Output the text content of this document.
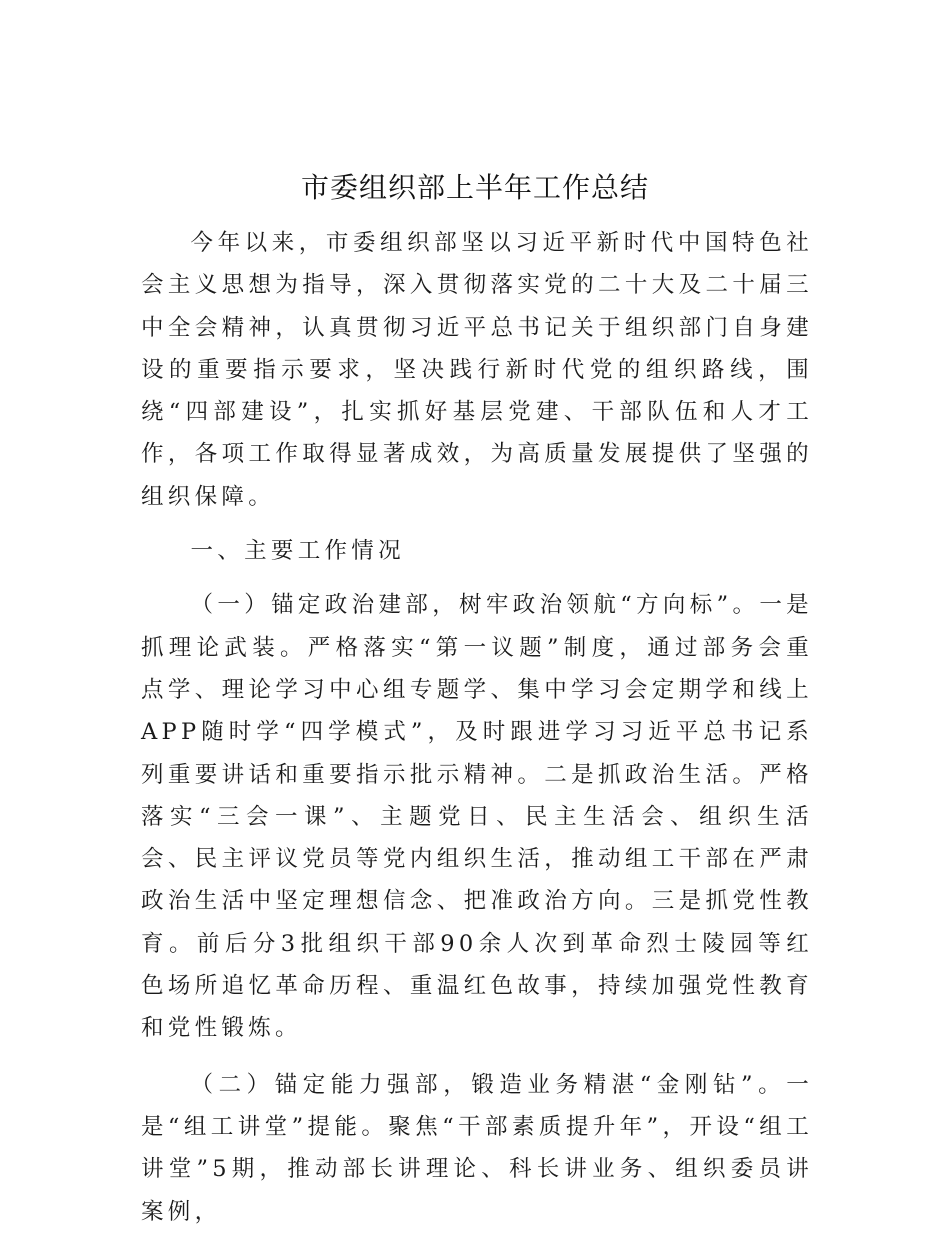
市委组织部上半年工作总结

今年以来，市委组织部坚以习近平新时代中国特色社会主义思想为指导，深入贯彻落实党的二十大及二十届三中全会精神，认真贯彻习近平总书记关于组织部门自身建设的重要指示要求，坚决践行新时代党的组织路线，围绕“四部建设”，扎实抓好基层党建、干部队伍和人才工作，各项工作取得显著成效，为高质量发展提供了坚强的组织保障。

一、主要工作情况

（一）锚定政治建部，树牢政治领航“方向标”。一是抓理论武装。严格落实“第一议题”制度，通过部务会重点学、理论学习中心组专题学、集中学习会定期学和线上APP随时学“四学模式”，及时跟进学习习近平总书记系列重要讲话和重要指示批示精神。二是抓政治生活。严格落实“三会一课”、主题党日、民主生活会、组织生活会、民主评议党员等党内组织生活，推动组工干部在严肃政治生活中坚定理想信念、把准政治方向。三是抓党性教育。前后分3批组织干部90余人次到革命烈士陵园等红色场所追忆革命历程、重温红色故事，持续加强党性教育和党性锻炼。

（二）锚定能力强部，锻造业务精湛“金刚钻”。一是“组工讲堂”提能。聚焦“干部素质提升年”，开设“组工讲堂”5期，推动部长讲理论、科长讲业务、组织委员讲案例，
